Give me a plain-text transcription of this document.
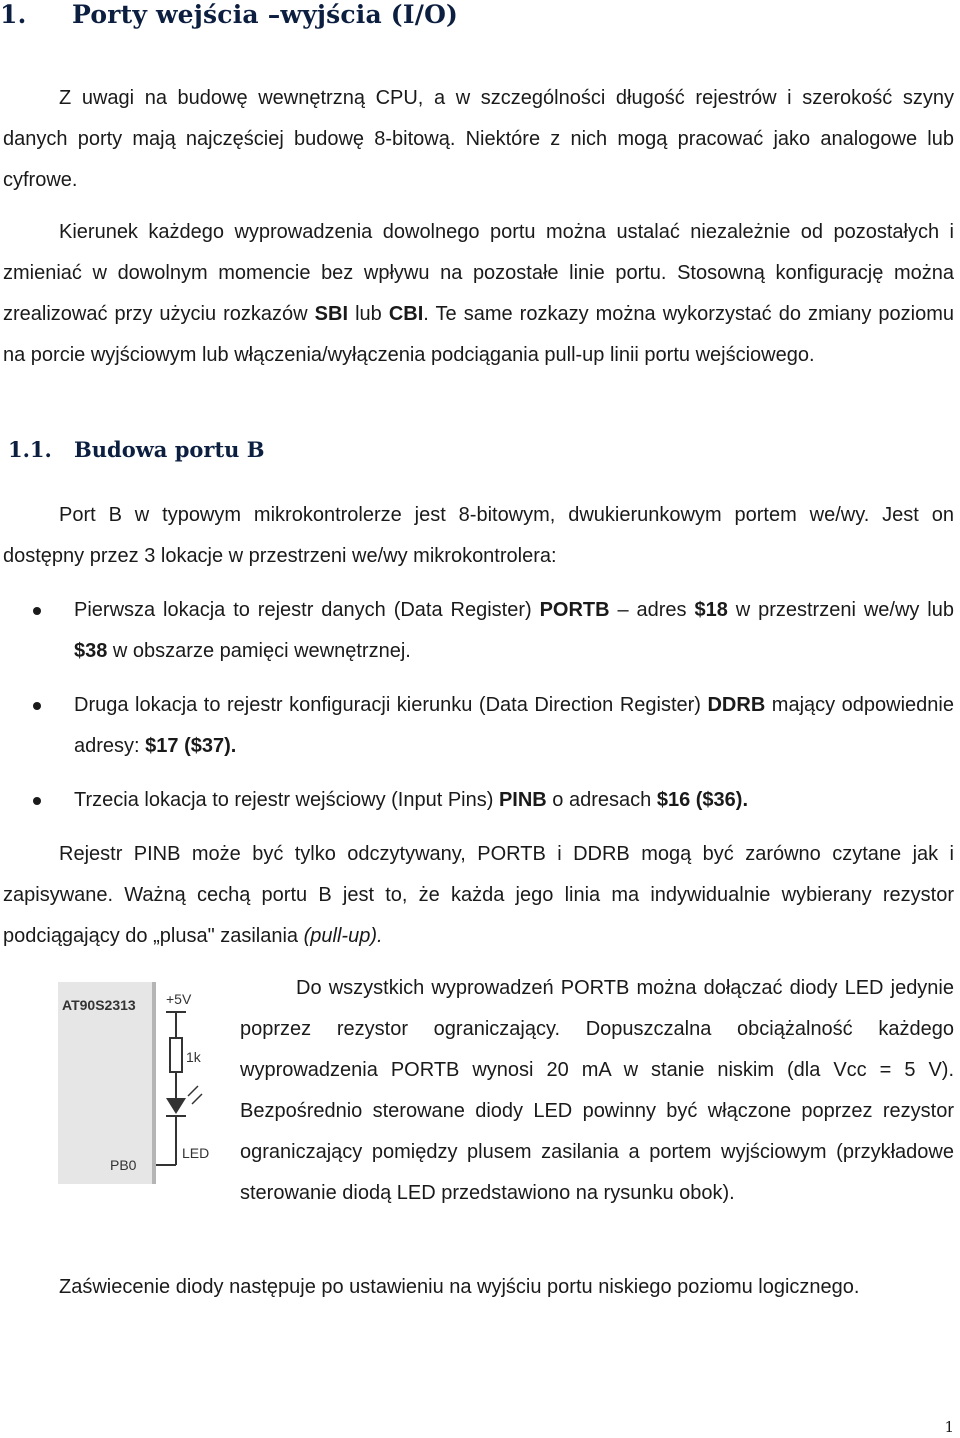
1. Porty wejścia –wyjścia (I/O)

Z uwagi na budowę wewnętrzną CPU, a w szczególności długość rejestrów i szerokość szyny danych porty mają najczęściej budowę 8-bitową. Niektóre z nich mogą pracować jako analogowe lub cyfrowe.

Kierunek każdego wyprowadzenia dowolnego portu można ustalać niezależnie od pozostałych i zmieniać w dowolnym momencie bez wpływu na pozostałe linie portu. Stosowną konfigurację można zrealizować przy użyciu rozkazów SBI lub CBI. Te same rozkazy można wykorzystać do zmiany poziomu na porcie wyjściowym lub włączenia/wyłączenia podciągania pull-up linii portu wejściowego.

1.1. Budowa portu B

Port B w typowym mikrokontrolerze jest 8-bitowym, dwukierunkowym portem we/wy. Jest on dostępny przez 3 lokacje w przestrzeni we/wy mikrokontrolera:

Pierwsza lokacja to rejestr danych (Data Register) PORTB – adres $18 w przestrzeni we/wy lub $38 w obszarze pamięci wewnętrznej.
Druga lokacja to rejestr konfiguracji kierunku (Data Direction Register) DDRB mający odpowiednie adresy: $17 ($37).
Trzecia lokacja to rejestr wejściowy (Input Pins) PINB o adresach $16 ($36).

Rejestr PINB może być tylko odczytywany, PORTB i DDRB mogą być zarówno czytane jak i zapisywane. Ważną cechą portu B jest to, że każda jego linia ma indywidualnie wybierany rezystor podciągający do „plusa" zasilania (pull-up).

AT90S2313
PB0
+5V
1k
LED

Do wszystkich wyprowadzeń PORTB można dołączać diody LED jedynie poprzez rezystor ograniczający. Dopuszczalna obciążalność każdego wyprowadzenia PORTB wynosi 20 mA w stanie niskim (dla Vcc = 5 V). Bezpośrednio sterowane diody LED powinny być włączone poprzez rezystor ograniczający pomiędzy plusem zasilania a portem wyjściowym (przykładowe sterowanie diodą LED przedstawiono na rysunku obok).

Zaświecenie diody następuje po ustawieniu na wyjściu portu niskiego poziomu logicznego.

1
